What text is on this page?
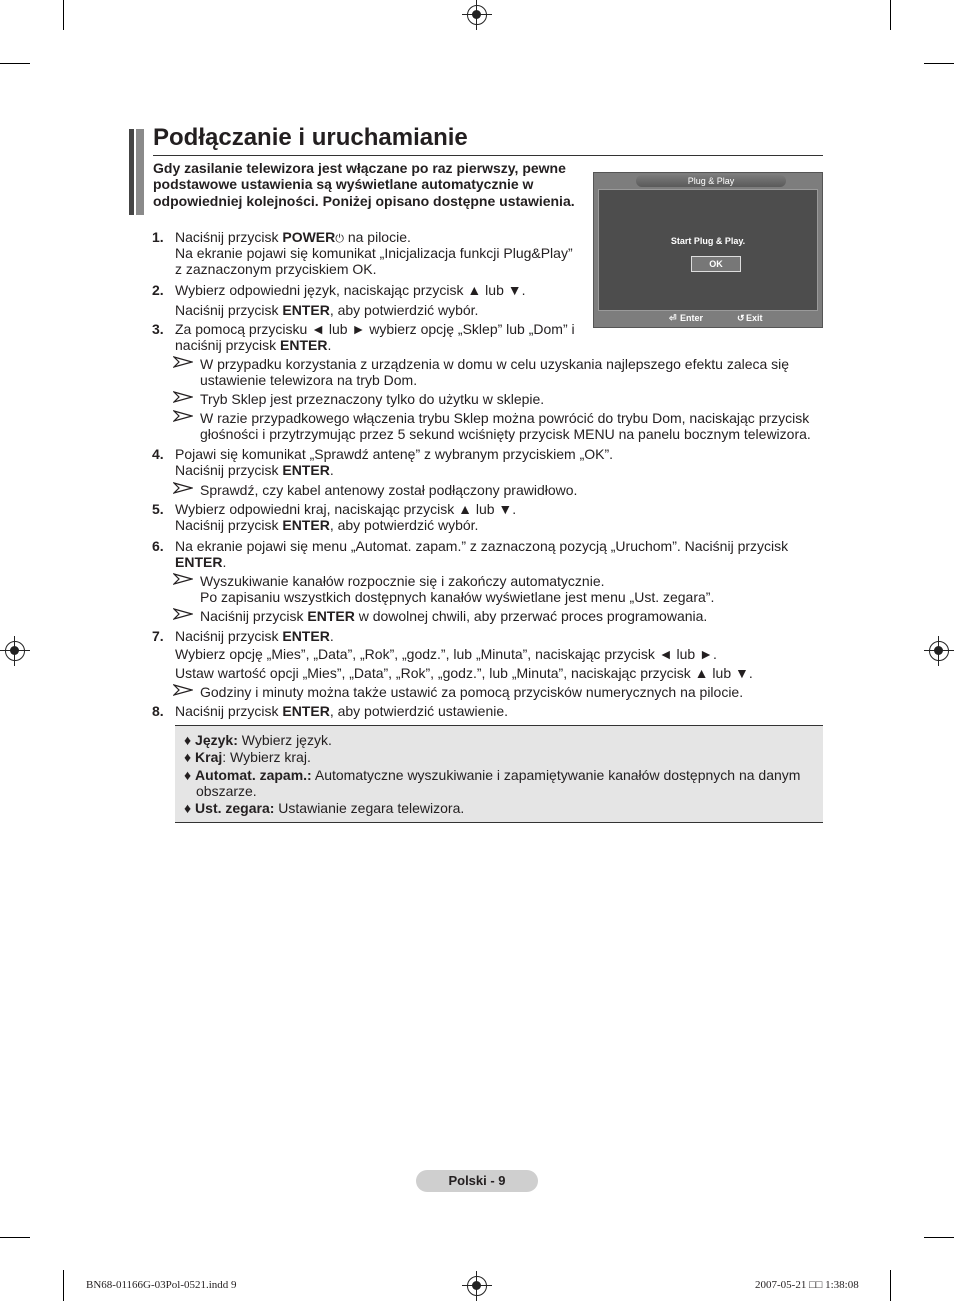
Podłączanie i uruchamianie
Gdy zasilanie telewizora jest włączane po raz pierwszy, pewne podstawowe ustawienia są wyświetlane automatycznie w odpowiedniej kolejności. Poniżej opisano dostępne ustawienia.
Plug & Play
Start Plug & Play.
OK
⏎ Enter	↺ Exit
1. Naciśnij przycisk POWER⏻ na pilocie.
Na ekranie pojawi się komunikat „Inicjalizacja funkcji Plug&Play”
z zaznaczonym przyciskiem OK.
2. Wybierz odpowiedni język, naciskając przycisk ▲ lub ▼.
Naciśnij przycisk ENTER, aby potwierdzić wybór.
3. Za pomocą przycisku ◄ lub ► wybierz opcję „Sklep” lub „Dom” i
naciśnij przycisk ENTER.
W przypadku korzystania z urządzenia w domu w celu uzyskania najlepszego efektu zaleca się
ustawienie telewizora na tryb Dom.
Tryb Sklep jest przeznaczony tylko do użytku w sklepie.
W razie przypadkowego włączenia trybu Sklep można powrócić do trybu Dom, naciskając przycisk
głośności i przytrzymując przez 5 sekund wciśnięty przycisk MENU na panelu bocznym telewizora.
4. Pojawi się komunikat „Sprawdź antenę” z wybranym przyciskiem „OK”.
Naciśnij przycisk ENTER.
Sprawdź, czy kabel antenowy został podłączony prawidłowo.
5. Wybierz odpowiedni kraj, naciskając przycisk ▲ lub ▼.
Naciśnij przycisk ENTER, aby potwierdzić wybór.
6. Na ekranie pojawi się menu „Automat. zapam.” z zaznaczoną pozycją „Uruchom”. Naciśnij przycisk
ENTER.
Wyszukiwanie kanałów rozpocznie się i zakończy automatycznie.
Po zapisaniu wszystkich dostępnych kanałów wyświetlane jest menu „Ust. zegara”.
Naciśnij przycisk ENTER w dowolnej chwili, aby przerwać proces programowania.
7. Naciśnij przycisk ENTER.
Wybierz opcję „Mies”, „Data”, „Rok”, „godz.”, lub „Minuta”, naciskając przycisk ◄ lub ►.
Ustaw wartość opcji „Mies”, „Data”, „Rok”, „godz.”, lub „Minuta”, naciskając przycisk ▲ lub ▼.
Godziny i minuty można także ustawić za pomocą przycisków numerycznych na pilocie.
8. Naciśnij przycisk ENTER, aby potwierdzić ustawienie.
♦ Język: Wybierz język.
♦ Kraj: Wybierz kraj.
♦ Automat. zapam.: Automatyczne wyszukiwanie i zapamiętywanie kanałów dostępnych na danym
obszarze.
♦ Ust. zegara: Ustawianie zegara telewizora.
Polski - 9
BN68-01166G-03Pol-0521.indd 9	2007-05-21 □□ 1:38:08
